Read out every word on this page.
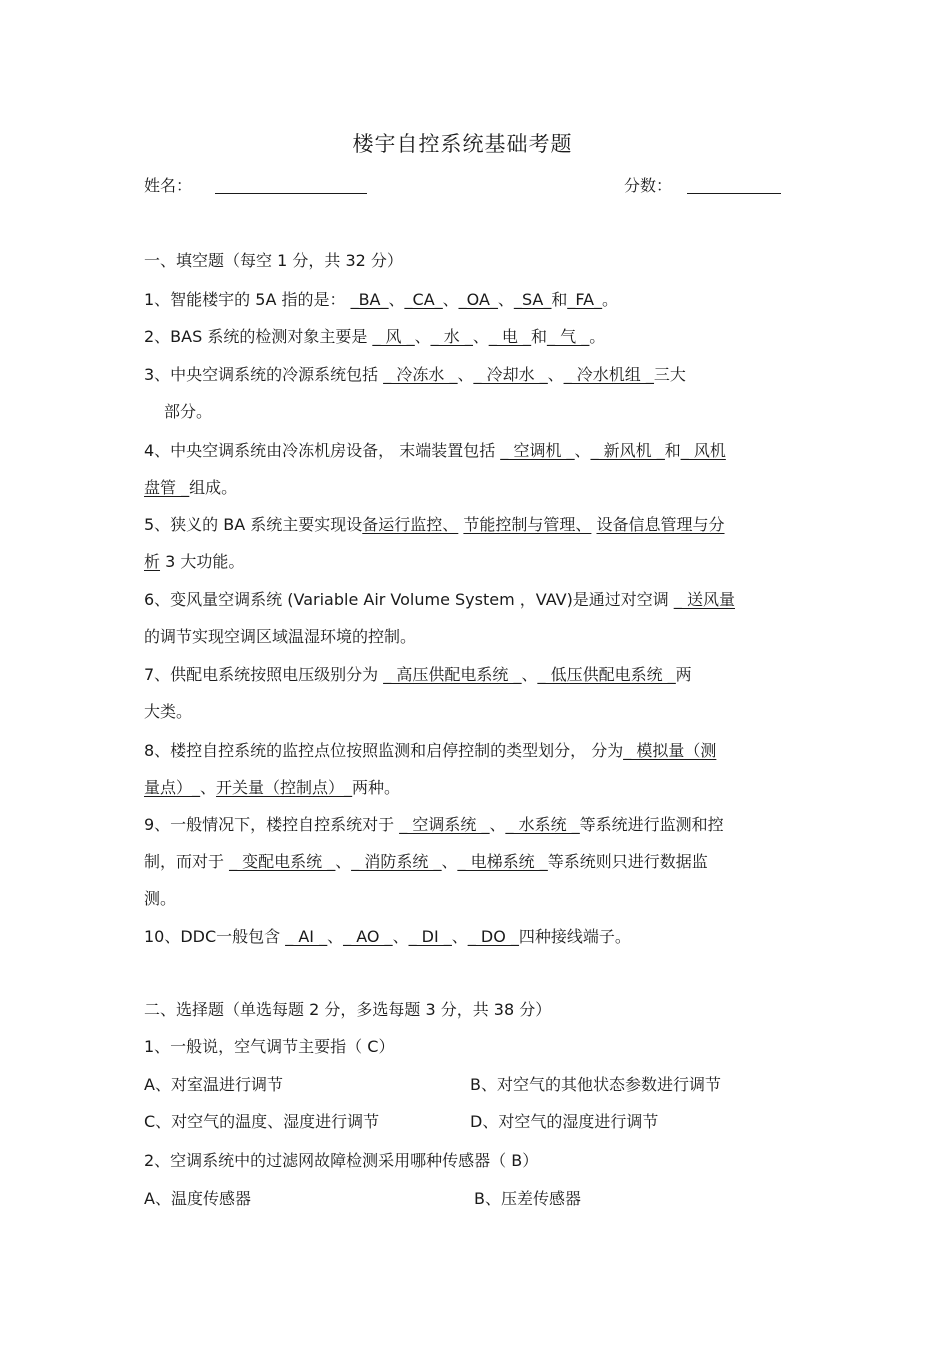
楼宇自控系统基础考题
姓名：	分数：
一、填空题（每空 1 分，共 32 分）
1、智能楼宇的 5A 指的是： _BA_、_CA_、_OA_、_SA_和_FA_。
2、BAS 系统的检测对象主要是 _ 风 _、_ 水 _、_ 电 _和_ 气 _。
3、中央空调系统的冷源系统包括 _ 冷冻水 _、_ 冷却水 _、_ 冷水机组 _三大
部分。
4、中央空调系统由冷冻机房设备， 末端装置包括 _ 空调机 _、_ 新风机 _和_ 风机
盘管 _组成。
5、狭义的 BA 系统主要实现设备运行监控、 节能控制与管理、 设备信息管理与分
析 3 大功能。
6、变风量空调系统 (Variable Air Volume System ，VAV)是通过对空调 _ 送风量
的调节实现空调区域温湿环境的控制。
7、供配电系统按照电压级别分为 _ 高压供配电系统 _、_ 低压供配电系统 _两
大类。
8、楼控自控系统的监控点位按照监测和启停控制的类型划分， 分为_ 模拟量（测
量点）_、开关量（控制点）_两种。
9、一般情况下，楼控自控系统对于 _ 空调系统 _、_ 水系统 _等系统进行监测和控
制，而对于 _ 变配电系统 _、_ 消防系统 _、_ 电梯系统 _等系统则只进行数据监
测。
10、DDC一般包含 _ AI _、_ AO _、_ DI _、_ DO _四种接线端子。
二、选择题（单选每题 2 分，多选每题 3 分，共 38 分）
1、一般说，空气调节主要指（ C）
A、对室温进行调节	B、对空气的其他状态参数进行调节
C、对空气的温度、湿度进行调节	D、对空气的湿度进行调节
2、空调系统中的过滤网故障检测采用哪种传感器（ B）
A、温度传感器	B、压差传感器
